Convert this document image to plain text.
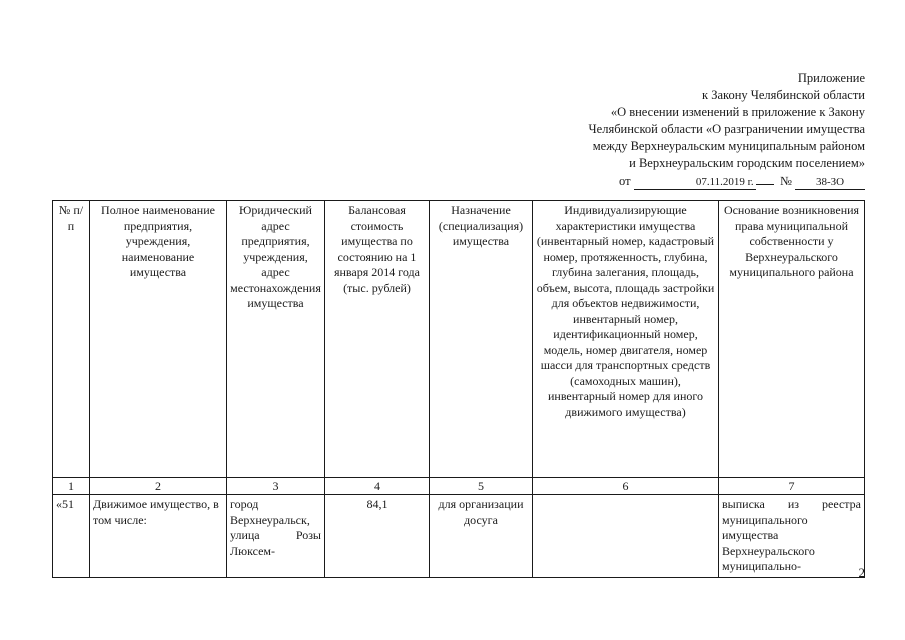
Приложение
к Закону Челябинской области
«О внесении изменений в приложение к Закону
Челябинской области «О разграничении имущества
между Верхнеуральским муниципальным районом
и Верхнеуральским городским поселением»
от	07.11.2019 г. № 38-ЗО
№ п/п	Полное наименование предприятия, учреждения, наименование имущества	Юридический адрес предприятия, учреждения, адрес местонахождения имущества	Балансовая стоимость имущества по состоянию на 1 января 2014 года (тыс. рублей)	Назначение (специализация) имущества	Индивидуализирующие характеристики имущества (инвентарный номер, кадастровый номер, протяженность, глубина, глубина залегания, площадь, объем, высота, площадь застройки для объектов недвижимости, инвентарный номер, идентификационный номер, модель, номер двигателя, номер шасси для транспортных средств (самоходных машин), инвентарный номер для иного движимого имущества)	Основание возникновения права муниципальной собственности у Верхнеуральского муниципального района
1	2	3	4	5	6	7
«51	Движимое имущество, в том числе:	город Верхнеуральск, улица Розы Люксем-	84,1	для организации досуга		выписка из реестра муниципального имущества Верхнеуральского муниципально-	2
